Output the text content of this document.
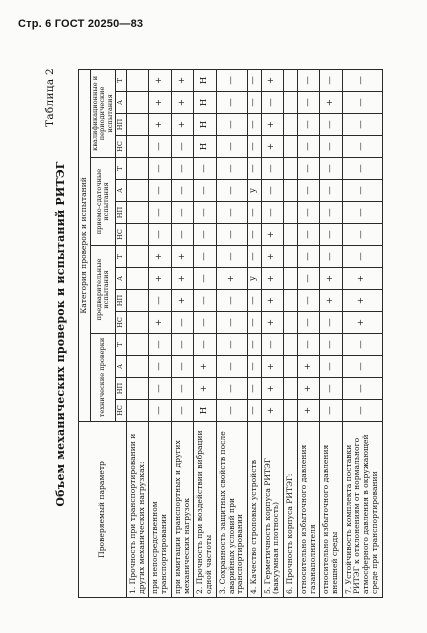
Стр. 6 ГОСТ 20250—83
Таблица 2
Объем механических проверок и испытаний РИТЭГ
Проверяемый параметр	Категория проверок и испытаний															
	технические проверки				предварительные испытания				приемо-сдаточные испытания				квалификационные и периодические испытания			
	НС	НП	А	Т	НС	НП	А	Т	НС	НП	А	Т	НС	НП	А	Т
1. Прочность при транспортировании и других механических нагрузках:																
при непосредственном транспортировании	—	—	—	—	+	—	+	+	—	—	—	—	—	+	+	+
при имитации транспортных и других механических нагрузок	—	—	—	—	—	+	+	+	—	—	—	—	—	+	+	+
2. Прочность при воздействии вибрации одной частоты	Н	+	+	—	—	—	—	—	—	—	—	—	Н	Н	Н	Н
3. Сохранность защитных свойств после аварийных условий при транспортировании	—	—	—	—	—	—	+	—	—	—	—	—	—	—	—	—
4. Качество строповых устройств	—	—	—	—	—	—	у	—	—	—	у	—	—	—	—	—
5. Герметичность корпуса РИТЭГ (вакуумная плотность)	+	+	+	—	+	+	+	+	+	—	—	—	+	+	—	+
6. Прочность корпуса РИТЭГ:																
относительно избыточного давления газанаполнителя	+	+	+	—	—	—	—	—	—	—	—	—	—	—	—	—
относительно избыточного давления внешней среды	—	—	—	—	—	+	+	—	—	—	—	—	—	—	+	—
7. Устойчивость комплекта поставки РИТЭГ к отклонениям от нормального атмосферного давления в окружающей среде при транспортировании	—	—	—	—	+	+	+	—	—	—	—	—	—	—	—	—
